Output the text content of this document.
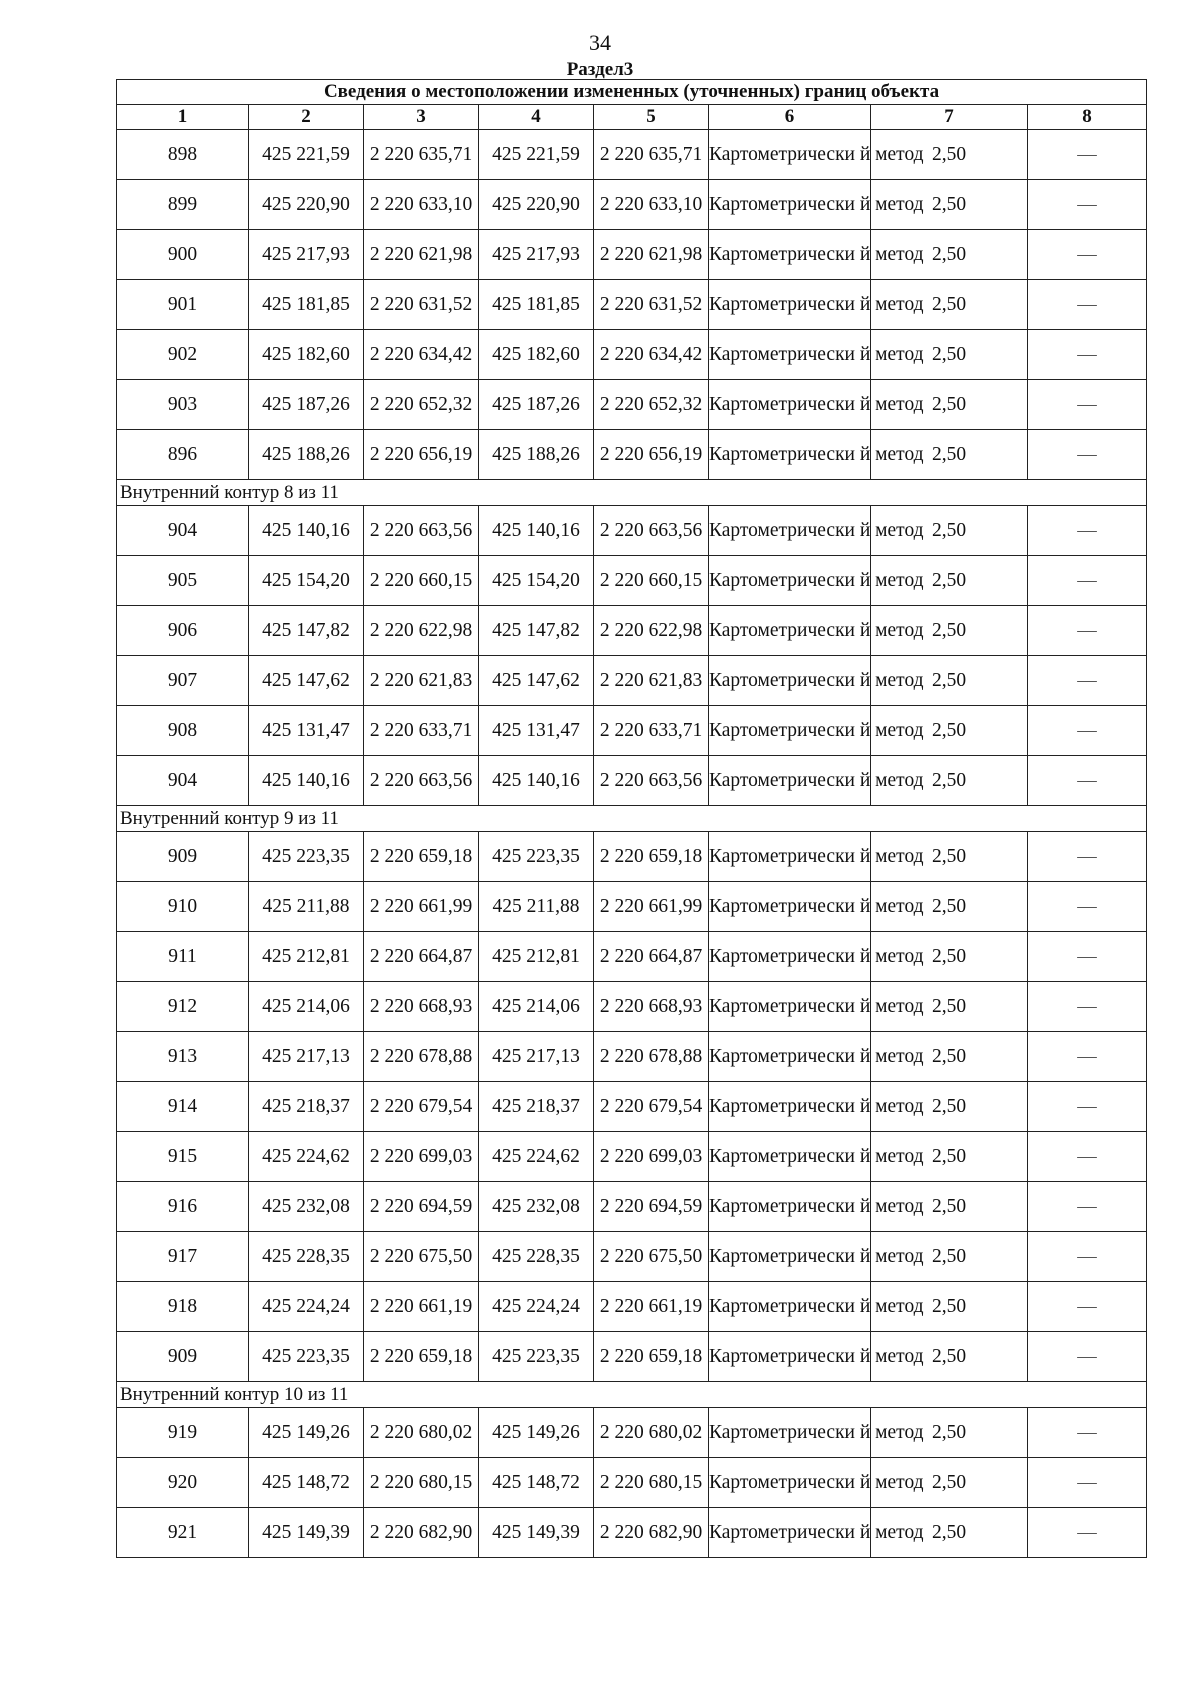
34
Раздел3
Сведения о местоположении измененных (уточненных) границ объекта							
1	2	3	4	5	6	7	8
898	425 221,59	2 220 635,71	425 221,59	2 220 635,71	Картометрически й метод	2,50	—
899	425 220,90	2 220 633,10	425 220,90	2 220 633,10	Картометрически й метод	2,50	—
900	425 217,93	2 220 621,98	425 217,93	2 220 621,98	Картометрически й метод	2,50	—
901	425 181,85	2 220 631,52	425 181,85	2 220 631,52	Картометрически й метод	2,50	—
902	425 182,60	2 220 634,42	425 182,60	2 220 634,42	Картометрически й метод	2,50	—
903	425 187,26	2 220 652,32	425 187,26	2 220 652,32	Картометрически й метод	2,50	—
896	425 188,26	2 220 656,19	425 188,26	2 220 656,19	Картометрически й метод	2,50	—
Внутренний контур 8 из 11							
904	425 140,16	2 220 663,56	425 140,16	2 220 663,56	Картометрически й метод	2,50	—
905	425 154,20	2 220 660,15	425 154,20	2 220 660,15	Картометрически й метод	2,50	—
906	425 147,82	2 220 622,98	425 147,82	2 220 622,98	Картометрически й метод	2,50	—
907	425 147,62	2 220 621,83	425 147,62	2 220 621,83	Картометрически й метод	2,50	—
908	425 131,47	2 220 633,71	425 131,47	2 220 633,71	Картометрически й метод	2,50	—
904	425 140,16	2 220 663,56	425 140,16	2 220 663,56	Картометрически й метод	2,50	—
Внутренний контур 9 из 11							
909	425 223,35	2 220 659,18	425 223,35	2 220 659,18	Картометрически й метод	2,50	—
910	425 211,88	2 220 661,99	425 211,88	2 220 661,99	Картометрически й метод	2,50	—
911	425 212,81	2 220 664,87	425 212,81	2 220 664,87	Картометрически й метод	2,50	—
912	425 214,06	2 220 668,93	425 214,06	2 220 668,93	Картометрически й метод	2,50	—
913	425 217,13	2 220 678,88	425 217,13	2 220 678,88	Картометрически й метод	2,50	—
914	425 218,37	2 220 679,54	425 218,37	2 220 679,54	Картометрически й метод	2,50	—
915	425 224,62	2 220 699,03	425 224,62	2 220 699,03	Картометрически й метод	2,50	—
916	425 232,08	2 220 694,59	425 232,08	2 220 694,59	Картометрически й метод	2,50	—
917	425 228,35	2 220 675,50	425 228,35	2 220 675,50	Картометрически й метод	2,50	—
918	425 224,24	2 220 661,19	425 224,24	2 220 661,19	Картометрически й метод	2,50	—
909	425 223,35	2 220 659,18	425 223,35	2 220 659,18	Картометрически й метод	2,50	—
Внутренний контур 10 из 11							
919	425 149,26	2 220 680,02	425 149,26	2 220 680,02	Картометрически й метод	2,50	—
920	425 148,72	2 220 680,15	425 148,72	2 220 680,15	Картометрически й метод	2,50	—
921	425 149,39	2 220 682,90	425 149,39	2 220 682,90	Картометрически й метод	2,50	—
